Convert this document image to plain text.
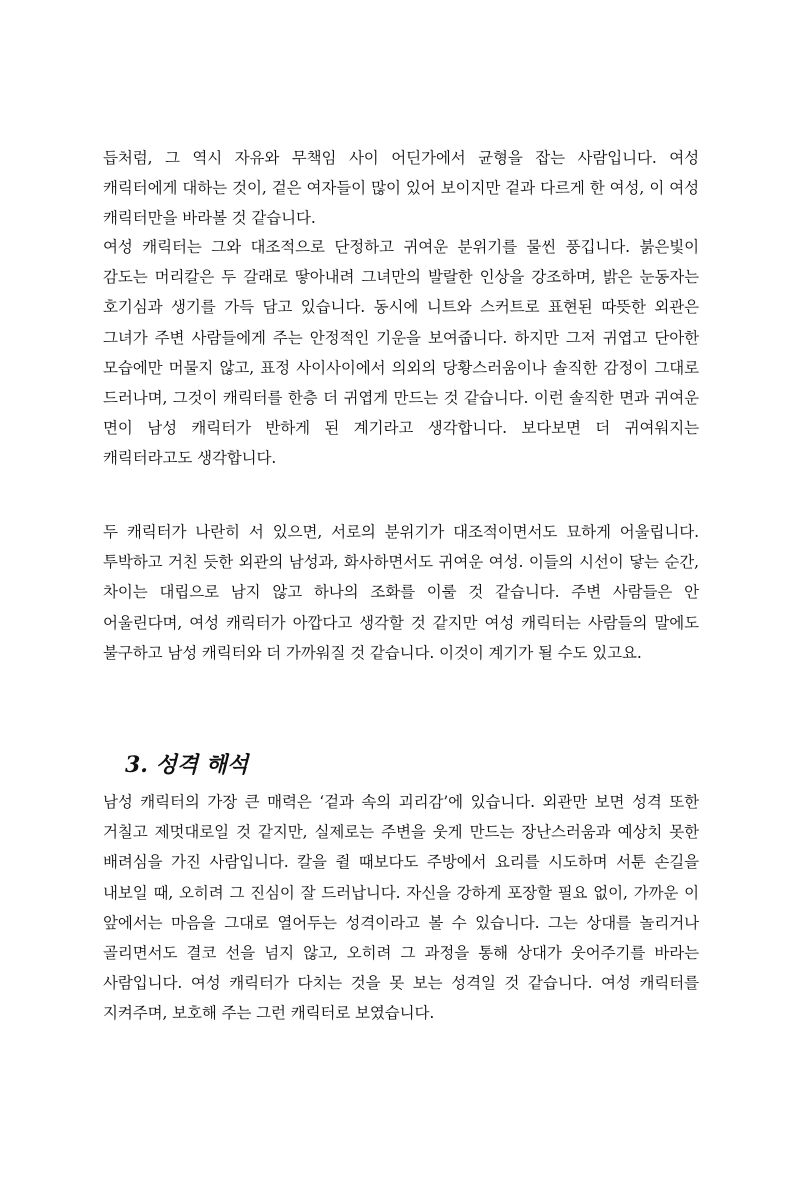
듭처럼, 그 역시 자유와 무책임 사이 어딘가에서 균형을 잡는 사람입니다. 여성 캐릭터에게 대하는 것이, 겉은 여자들이 많이 있어 보이지만 겉과 다르게 한 여성, 이 여성 캐릭터만을 바라볼 것 같습니다.

여성 캐릭터는 그와 대조적으로 단정하고 귀여운 분위기를 물씬 풍깁니다. 붉은빛이 감도는 머리칼은 두 갈래로 땋아내려 그녀만의 발랄한 인상을 강조하며, 밝은 눈동자는 호기심과 생기를 가득 담고 있습니다. 동시에 니트와 스커트로 표현된 따뜻한 외관은 그녀가 주변 사람들에게 주는 안정적인 기운을 보여줍니다. 하지만 그저 귀엽고 단아한 모습에만 머물지 않고, 표정 사이사이에서 의외의 당황스러움이나 솔직한 감정이 그대로 드러나며, 그것이 캐릭터를 한층 더 귀엽게 만드는 것 같습니다. 이런 솔직한 면과 귀여운 면이 남성 캐릭터가 반하게 된 계기라고 생각합니다. 보다보면 더 귀여워지는 캐릭터라고도 생각합니다.

두 캐릭터가 나란히 서 있으면, 서로의 분위기가 대조적이면서도 묘하게 어울립니다. 투박하고 거친 듯한 외관의 남성과, 화사하면서도 귀여운 여성. 이들의 시선이 닿는 순간, 차이는 대립으로 남지 않고 하나의 조화를 이룰 것 같습니다. 주변 사람들은 안 어울린다며, 여성 캐릭터가 아깝다고 생각할 것 같지만 여성 캐릭터는 사람들의 말에도 불구하고 남성 캐릭터와 더 가까워질 것 같습니다. 이것이 계기가 될 수도 있고요.

3. 성격 해석

남성 캐릭터의 가장 큰 매력은 ‘겉과 속의 괴리감’에 있습니다. 외관만 보면 성격 또한 거칠고 제멋대로일 것 같지만, 실제로는 주변을 웃게 만드는 장난스러움과 예상치 못한 배려심을 가진 사람입니다. 칼을 쥘 때보다도 주방에서 요리를 시도하며 서툰 손길을 내보일 때, 오히려 그 진심이 잘 드러납니다. 자신을 강하게 포장할 필요 없이, 가까운 이 앞에서는 마음을 그대로 열어두는 성격이라고 볼 수 있습니다. 그는 상대를 놀리거나 골리면서도 결코 선을 넘지 않고, 오히려 그 과정을 통해 상대가 웃어주기를 바라는 사람입니다. 여성 캐릭터가 다치는 것을 못 보는 성격일 것 같습니다. 여성 캐릭터를 지켜주며, 보호해 주는 그런 캐릭터로 보였습니다.
